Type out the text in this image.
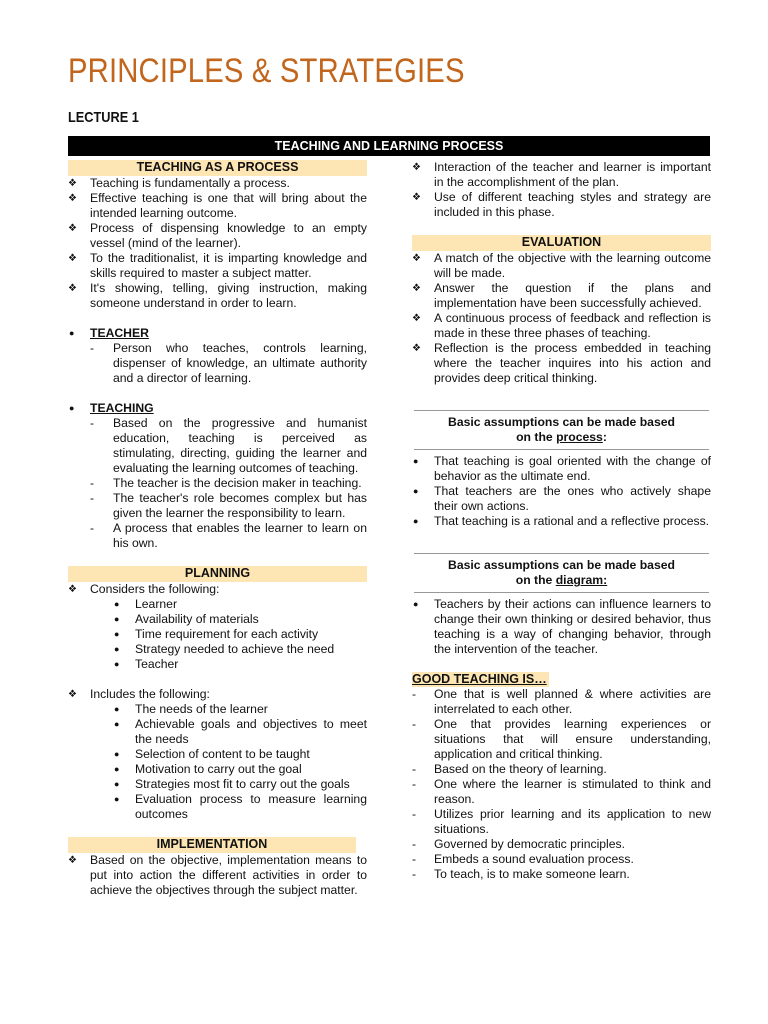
PRINCIPLES & STRATEGIES
LECTURE 1
TEACHING AND LEARNING PROCESS
TEACHING AS A PROCESS
❖ Teaching is fundamentally a process.
❖ Effective teaching is one that will bring about the intended learning outcome.
❖ Process of dispensing knowledge to an empty vessel (mind of the learner).
❖ To the traditionalist, it is imparting knowledge and skills required to master a subject matter.
❖ It's showing, telling, giving instruction, making someone understand in order to learn.
● TEACHER
- Person who teaches, controls learning, dispenser of knowledge, an ultimate authority and a director of learning.
● TEACHING
- Based on the progressive and humanist education, teaching is perceived as stimulating, directing, guiding the learner and evaluating the learning outcomes of teaching.
- The teacher is the decision maker in teaching.
- The teacher's role becomes complex but has given the learner the responsibility to learn.
- A process that enables the learner to learn on his own.
PLANNING
❖ Considers the following:
● Learner
● Availability of materials
● Time requirement for each activity
● Strategy needed to achieve the need
● Teacher
❖ Includes the following:
● The needs of the learner
● Achievable goals and objectives to meet the needs
● Selection of content to be taught
● Motivation to carry out the goal
● Strategies most fit to carry out the goals
● Evaluation process to measure learning outcomes
IMPLEMENTATION
❖ Based on the objective, implementation means to put into action the different activities in order to achieve the objectives through the subject matter.
❖ Interaction of the teacher and learner is important in the accomplishment of the plan.
❖ Use of different teaching styles and strategy are included in this phase.
EVALUATION
❖ A match of the objective with the learning outcome will be made.
❖ Answer the question if the plans and implementation have been successfully achieved.
❖ A continuous process of feedback and reflection is made in these three phases of teaching.
❖ Reflection is the process embedded in teaching where the teacher inquires into his action and provides deep critical thinking.
Basic assumptions can be made based
on the process:
● That teaching is goal oriented with the change of behavior as the ultimate end.
● That teachers are the ones who actively shape their own actions.
● That teaching is a rational and a reflective process.
Basic assumptions can be made based
on the diagram:
● Teachers by their actions can influence learners to change their own thinking or desired behavior, thus teaching is a way of changing behavior, through the intervention of the teacher.
GOOD TEACHING IS…
- One that is well planned & where activities are interrelated to each other.
- One that provides learning experiences or situations that will ensure understanding, application and critical thinking.
- Based on the theory of learning.
- One where the learner is stimulated to think and reason.
- Utilizes prior learning and its application to new situations.
- Governed by democratic principles.
- Embeds a sound evaluation process.
- To teach, is to make someone learn.
